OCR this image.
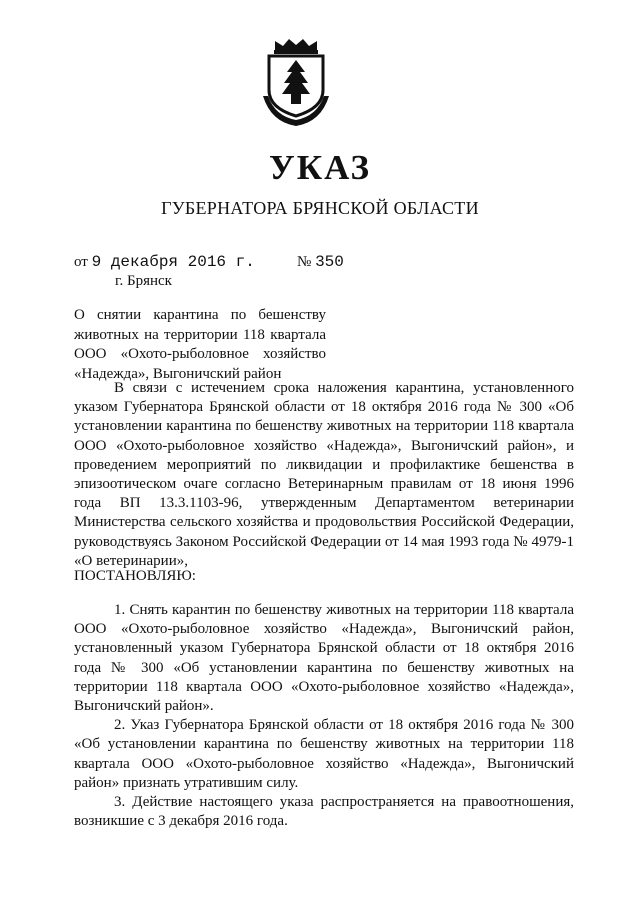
УКАЗ
ГУБЕРНАТОРА БРЯНСКОЙ ОБЛАСТИ
от 9 декабря 2016 г.	№ 350
г. Брянск
О снятии карантина по бешенству животных на территории 118 квартала ООО «Охото-рыболовное хозяйство «Надежда», Выгоничский район

В связи с истечением срока наложения карантина, установленного указом Губернатора Брянской области от 18 октября 2016 года № 300 «Об установлении карантина по бешенству животных на территории 118 квартала ООО «Охото-рыболовное хозяйство «Надежда», Выгоничский район», и проведением мероприятий по ликвидации и профилактике бешенства в эпизоотическом очаге согласно Ветеринарным правилам от 18 июня 1996 года ВП 13.3.1103-96, утвержденным Департаментом ветеринарии Министерства сельского хозяйства и продовольствия Российской Федерации, руководствуясь Законом Российской Федерации от 14 мая 1993 года № 4979-1 «О ветеринарии»,

ПОСТАНОВЛЯЮ:

1. Снять карантин по бешенству животных на территории 118 квартала ООО «Охото-рыболовное хозяйство «Надежда», Выгоничский район, установленный указом Губернатора Брянской области от 18 октября 2016 года № 300 «Об установлении карантина по бешенству животных на территории 118 квартала ООО «Охото-рыболовное хозяйство «Надежда», Выгоничский район».

2. Указ Губернатора Брянской области от 18 октября 2016 года № 300 «Об установлении карантина по бешенству животных на территории 118 квартала ООО «Охото-рыболовное хозяйство «Надежда», Выгоничский район» признать утратившим силу.

3. Действие настоящего указа распространяется на правоотношения, возникшие с 3 декабря 2016 года.
